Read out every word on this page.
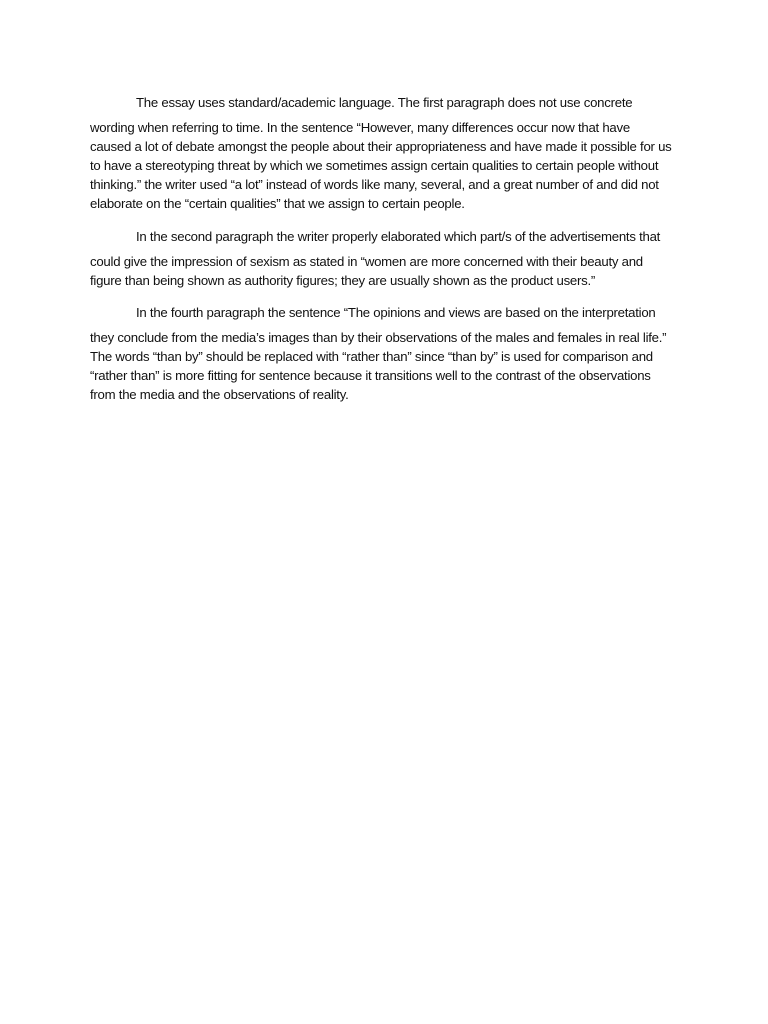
The essay uses standard/academic language. The first paragraph does not use concrete
wording when referring to time. In the sentence “However, many differences occur now that have
caused a lot of debate amongst the people about their appropriateness and have made it possible for us
to have a stereotyping threat by which we sometimes assign certain qualities to certain people without
thinking.” the writer used “a lot” instead of words like many, several, and a great number of and did not
elaborate on the “certain qualities” that we assign to certain people.
In the second paragraph the writer properly elaborated which part/s of the advertisements that
could give the impression of sexism as stated in “women are more concerned with their beauty and
figure than being shown as authority figures; they are usually shown as the product users.”
In the fourth paragraph the sentence “The opinions and views are based on the interpretation
they conclude from the media’s images than by their observations of the males and females in real life.”
The words “than by” should be replaced with “rather than” since “than by” is used for comparison and
“rather than” is more fitting for sentence because it transitions well to the contrast of the observations
from the media and the observations of reality.
